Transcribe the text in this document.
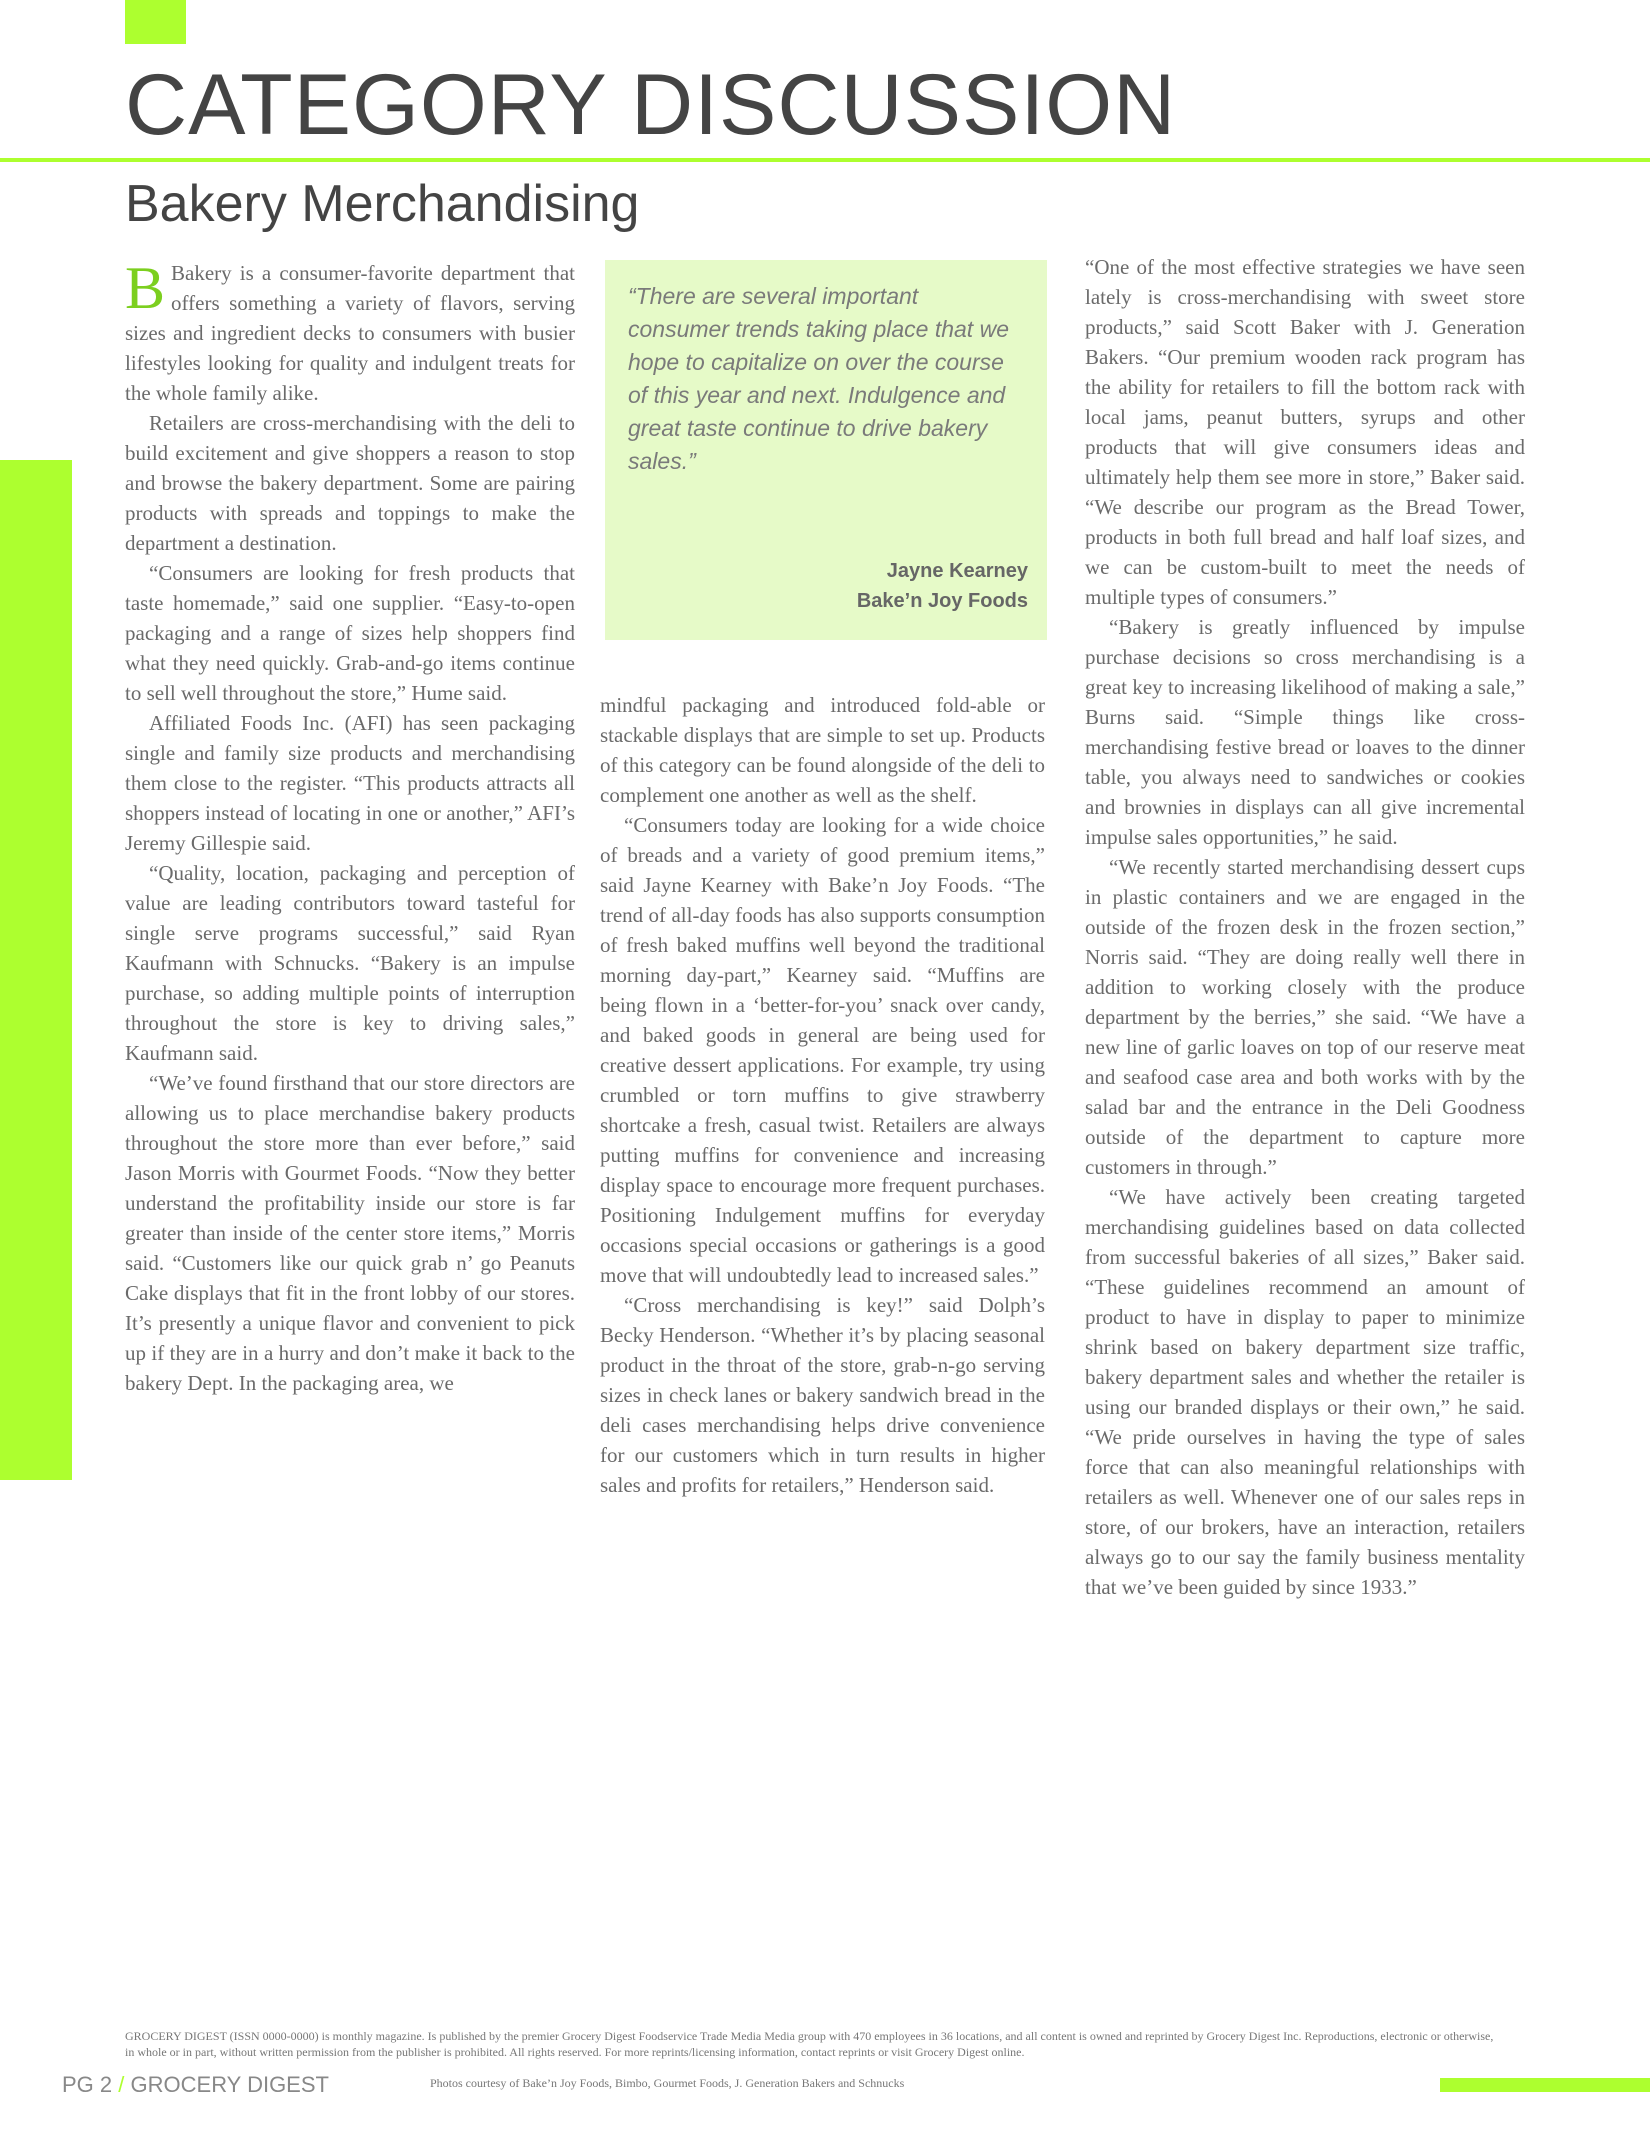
CATEGORY DISCUSSION
Bakery Merchandising

B Bakery is a consumer-favorite department that offers something a variety of flavors, serving sizes and ingredient decks to consumers with busier lifestyles looking for quality and indulgent treats for the whole family alike.

Retailers are cross-merchandising with the deli to build excitement and give shoppers a reason to stop and browse the bakery department. Some are pairing products with spreads and toppings to make the department a destination.

“Consumers are looking for fresh products that taste homemade,” said one supplier. “Easy-to-open packaging and a range of sizes help shoppers find what they need quickly. Grab-and-go items continue to sell well throughout the store,” Hume said.

Affiliated Foods Inc. (AFI) has seen packaging single and family size products and merchandising them close to the register. “This products attracts all shoppers instead of locating in one or another,” AFI’s Jeremy Gillespie said.

“Quality, location, packaging and perception of value are leading contributors toward tasteful for single serve programs successful,” said Ryan Kaufmann with Schnucks. “Bakery is an impulse purchase, so adding multiple points of interruption throughout the store is key to driving sales,” Kaufmann said.

“We’ve found firsthand that our store directors are allowing us to place merchandise bakery products throughout the store more than ever before,” said Jason Morris with Gourmet Foods. “Now they better understand the profitability inside our store is far greater than inside of the center store items,” Morris said. “Customers like our quick grab n’ go Peanuts Cake displays that fit in the front lobby of our stores. It’s presently a unique flavor and convenient to pick up if they are in a hurry and don’t make it back to the bakery Dept. In the packaging area, we

“There are several important consumer trends taking place that we hope to capitalize on over the course of this year and next. Indulgence and great taste continue to drive bakery sales.”
Jayne Kearney
Bake’n Joy Foods

mindful packaging and introduced fold-able or stackable displays that are simple to set up. Products of this category can be found alongside of the deli to complement one another as well as the shelf.

“Consumers today are looking for a wide choice of breads and a variety of good premium items,” said Jayne Kearney with Bake’n Joy Foods. “The trend of all-day foods has also supports consumption of fresh baked muffins well beyond the traditional morning day-part,” Kearney said. “Muffins are being flown in a ‘better-for-you’ snack over candy, and baked goods in general are being used for creative dessert applications. For example, try using crumbled or torn muffins to give strawberry shortcake a fresh, casual twist. Retailers are always putting muffins for convenience and increasing display space to encourage more frequent purchases. Positioning Indulgement muffins for everyday occasions special occasions or gatherings is a good move that will undoubtedly lead to increased sales.”

“Cross merchandising is key!” said Dolph’s Becky Henderson. “Whether it’s by placing seasonal product in the throat of the store, grab-n-go serving sizes in check lanes or bakery sandwich bread in the deli cases merchandising helps drive convenience for our customers which in turn results in higher sales and profits for retailers,” Henderson said.

“One of the most effective strategies we have seen lately is cross-merchandising with sweet store products,” said Scott Baker with J. Generation Bakers. “Our premium wooden rack program has the ability for retailers to fill the bottom rack with local jams, peanut butters, syrups and other products that will give consumers ideas and ultimately help them see more in store,” Baker said. “We describe our program as the Bread Tower, products in both full bread and half loaf sizes, and we can be custom-built to meet the needs of multiple types of consumers.”

“Bakery is greatly influenced by impulse purchase decisions so cross merchandising is a great key to increasing likelihood of making a sale,” Burns said. “Simple things like cross-merchandising festive bread or loaves to the dinner table, you always need to sandwiches or cookies and brownies in displays can all give incremental impulse sales opportunities,” he said.

“We recently started merchandising dessert cups in plastic containers and we are engaged in the outside of the frozen desk in the frozen section,” Norris said. “They are doing really well there in addition to working closely with the produce department by the berries,” she said. “We have a new line of garlic loaves on top of our reserve meat and seafood case area and both works with by the salad bar and the entrance in the Deli Goodness outside of the department to capture more customers in through.”

“We have actively been creating targeted merchandising guidelines based on data collected from successful bakeries of all sizes,” Baker said. “These guidelines recommend an amount of product to have in display to paper to minimize shrink based on bakery department size traffic, bakery department sales and whether the retailer is using our branded displays or their own,” he said. “We pride ourselves in having the type of sales force that can also meaningful relationships with retailers as well. Whenever one of our sales reps in store, of our brokers, have an interaction, retailers always go to our say the family business mentality that we’ve been guided by since 1933.”

GROCERY DIGEST (ISSN 0000-0000) is monthly magazine. Is published by the premier Grocery Digest Foodservice Trade Media Media group with 470 employees in 36 locations, and all content is owned and reprinted by Grocery Digest Inc. Reproductions, electronic or otherwise, in whole or in part, without written permission from the publisher is prohibited. All rights reserved. For more reprints/licensing information, contact reprints or visit Grocery Digest online.
PG 2 / GROCERY DIGEST	Photos courtesy of Bake’n Joy Foods, Bimbo, Gourmet Foods, J. Generation Bakers and Schnucks
